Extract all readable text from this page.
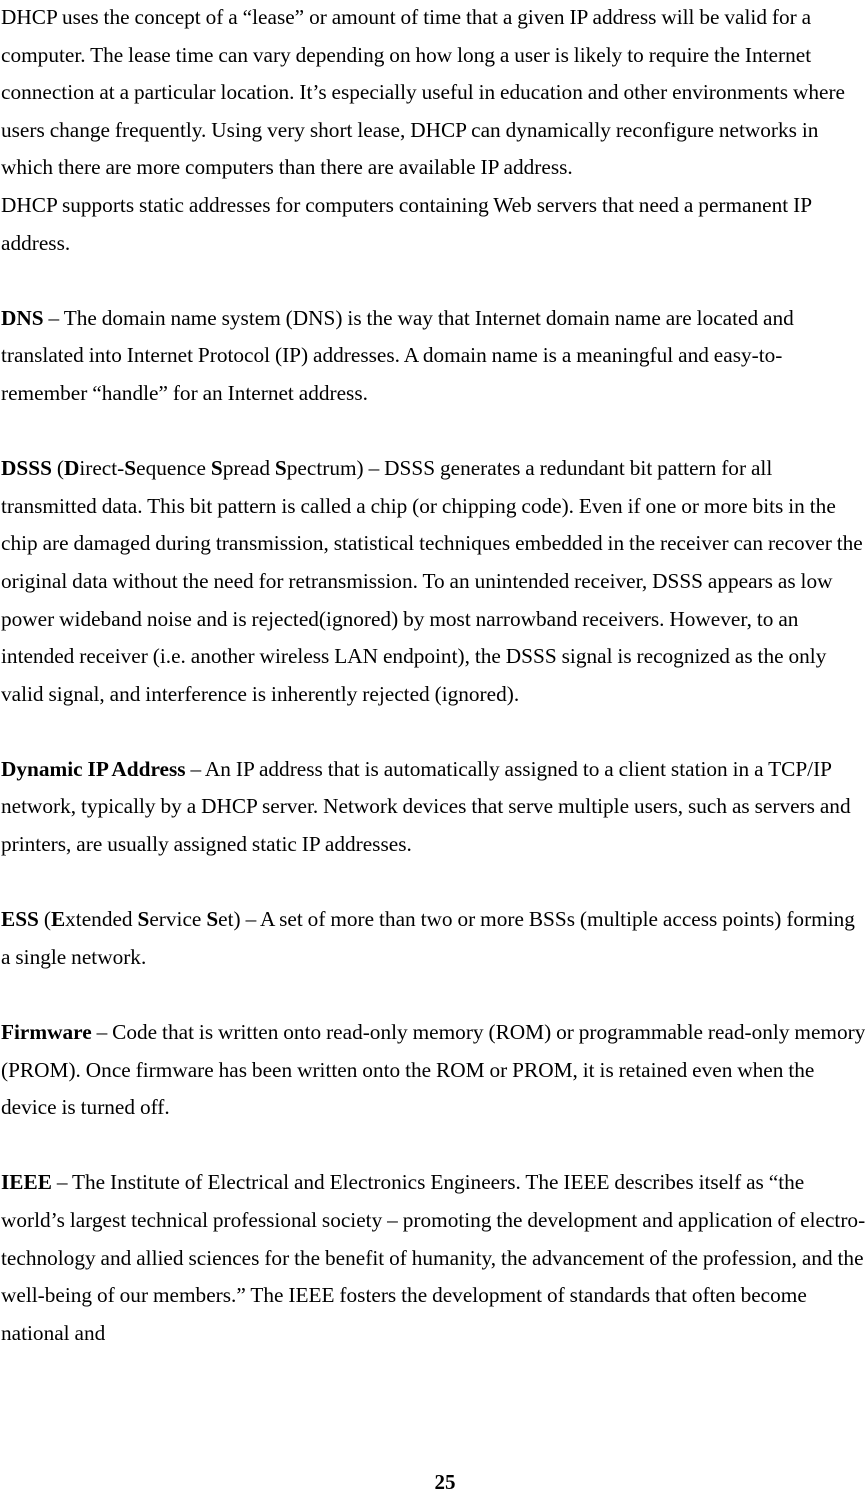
DHCP uses the concept of a “lease” or amount of time that a given IP address will be valid for a computer. The lease time can vary depending on how long a user is likely to require the Internet connection at a particular location. It’s especially useful in education and other environments where users change frequently. Using very short lease, DHCP can dynamically reconfigure networks in which there are more computers than there are available IP address.

DHCP supports static addresses for computers containing Web servers that need a permanent IP address.

DNS – The domain name system (DNS) is the way that Internet domain name are located and translated into Internet Protocol (IP) addresses. A domain name is a meaningful and easy-to-remember “handle” for an Internet address.

DSSS (Direct-Sequence Spread Spectrum) – DSSS generates a redundant bit pattern for all transmitted data. This bit pattern is called a chip (or chipping code). Even if one or more bits in the chip are damaged during transmission, statistical techniques embedded in the receiver can recover the original data without the need for retransmission. To an unintended receiver, DSSS appears as low power wideband noise and is rejected(ignored) by most narrowband receivers. However, to an intended receiver (i.e. another wireless LAN endpoint), the DSSS signal is recognized as the only valid signal, and interference is inherently rejected (ignored).

Dynamic IP Address – An IP address that is automatically assigned to a client station in a TCP/IP network, typically by a DHCP server. Network devices that serve multiple users, such as servers and printers, are usually assigned static IP addresses.

ESS (Extended Service Set) – A set of more than two or more BSSs (multiple access points) forming a single network.

Firmware – Code that is written onto read-only memory (ROM) or programmable read-only memory (PROM). Once firmware has been written onto the ROM or PROM, it is retained even when the device is turned off.

IEEE – The Institute of Electrical and Electronics Engineers. The IEEE describes itself as “the world’s largest technical professional society – promoting the development and application of electro-technology and allied sciences for the benefit of humanity, the advancement of the profession, and the well-being of our members.” The IEEE fosters the development of standards that often become national and

25
